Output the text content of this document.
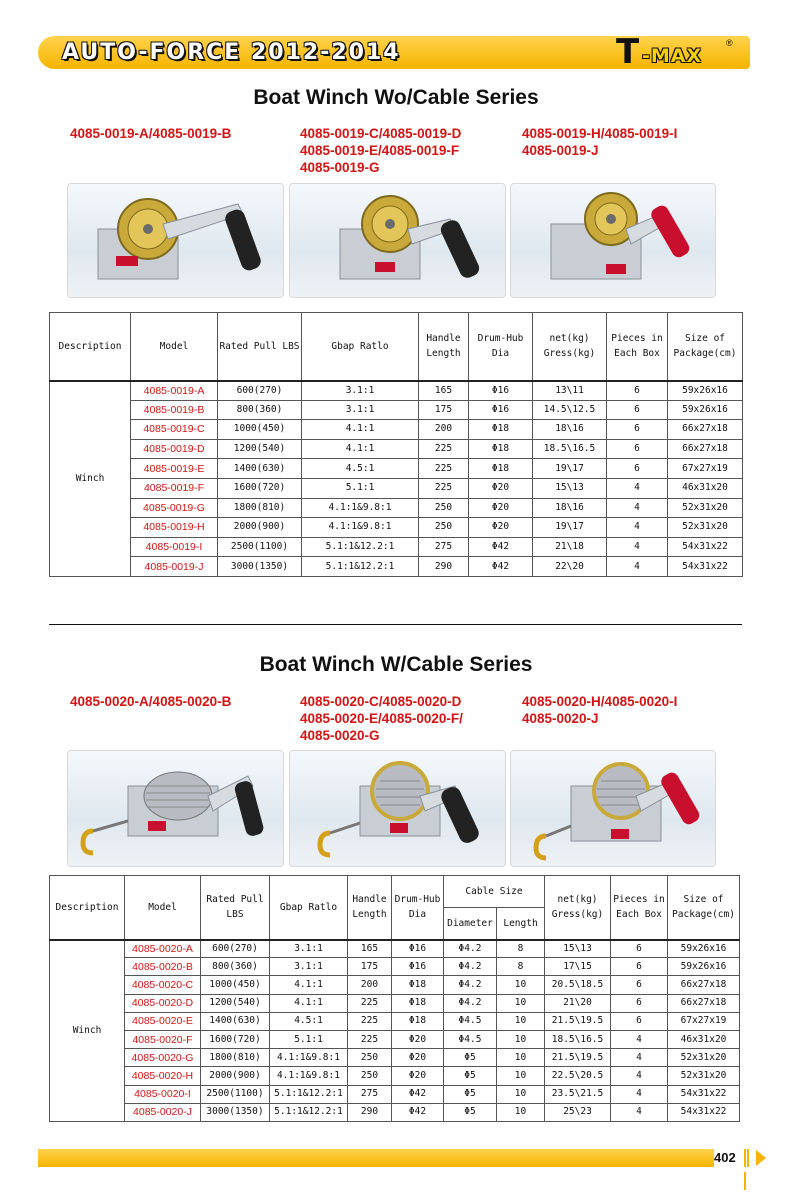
AUTO-FORCE 2012-2014	T -MAX
®
Boat Winch Wo/Cable Series
4085-0019-A/4085-0019-B	4085-0019-C/4085-0019-D
4085-0019-E/4085-0019-F
4085-0019-G
4085-0019-H/4085-0019-I
4085-0019-J
Description	Model	Rated Pull LBS	Gbap Ratlo	Handle Length	Drum-Hub Dia	net(kg) Gress(kg)	Pieces in Each Box	Size of Package(cm)
Winch	4085-0019-A	600(270)	3.1:1	165	Φ16	13\11	6	59x26x16
	4085-0019-B	800(360)	3.1:1	175	Φ16	14.5\12.5	6	59x26x16
	4085-0019-C	1000(450)	4.1:1	200	Φ18	18\16	6	66x27x18
	4085-0019-D	1200(540)	4.1:1	225	Φ18	18.5\16.5	6	66x27x18
	4085-0019-E	1400(630)	4.5:1	225	Φ18	19\17	6	67x27x19
	4085-0019-F	1600(720)	5.1:1	225	Φ20	15\13	4	46x31x20
	4085-0019-G	1800(810)	4.1:1&9.8:1	250	Φ20	18\16	4	52x31x20
	4085-0019-H	2000(900)	4.1:1&9.8:1	250	Φ20	19\17	4	52x31x20
	4085-0019-I	2500(1100)	5.1:1&12.2:1	275	Φ42	21\18	4	54x31x22
	4085-0019-J	3000(1350)	5.1:1&12.2:1	290	Φ42	22\20	4	54x31x22
Boat Winch W/Cable Series
4085-0020-A/4085-0020-B	4085-0020-C/4085-0020-D
4085-0020-E/4085-0020-F/
4085-0020-G
4085-0020-H/4085-0020-I
4085-0020-J
Description	Model	Rated Pull LBS	Gbap Ratlo	Handle Length	Drum-Hub Dia	Cable Size		net(kg) Gress(kg)	Pieces in Each Box	Size of Package(cm)
						Diameter	Length			
Winch	4085-0020-A	600(270)	3.1:1	165	Φ16	Φ4.2	8	15\13	6	59x26x16
	4085-0020-B	800(360)	3.1:1	175	Φ16	Φ4.2	8	17\15	6	59x26x16
	4085-0020-C	1000(450)	4.1:1	200	Φ18	Φ4.2	10	20.5\18.5	6	66x27x18
	4085-0020-D	1200(540)	4.1:1	225	Φ18	Φ4.2	10	21\20	6	66x27x18
	4085-0020-E	1400(630)	4.5:1	225	Φ18	Φ4.5	10	21.5\19.5	6	67x27x19
	4085-0020-F	1600(720)	5.1:1	225	Φ20	Φ4.5	10	18.5\16.5	4	46x31x20
	4085-0020-G	1800(810)	4.1:1&9.8:1	250	Φ20	Φ5	10	21.5\19.5	4	52x31x20
	4085-0020-H	2000(900)	4.1:1&9.8:1	250	Φ20	Φ5	10	22.5\20.5	4	52x31x20
	4085-0020-I	2500(1100)	5.1:1&12.2:1	275	Φ42	Φ5	10	23.5\21.5	4	54x31x22
	4085-0020-J	3000(1350)	5.1:1&12.2:1	290	Φ42	Φ5	10	25\23	4	54x31x22
402
